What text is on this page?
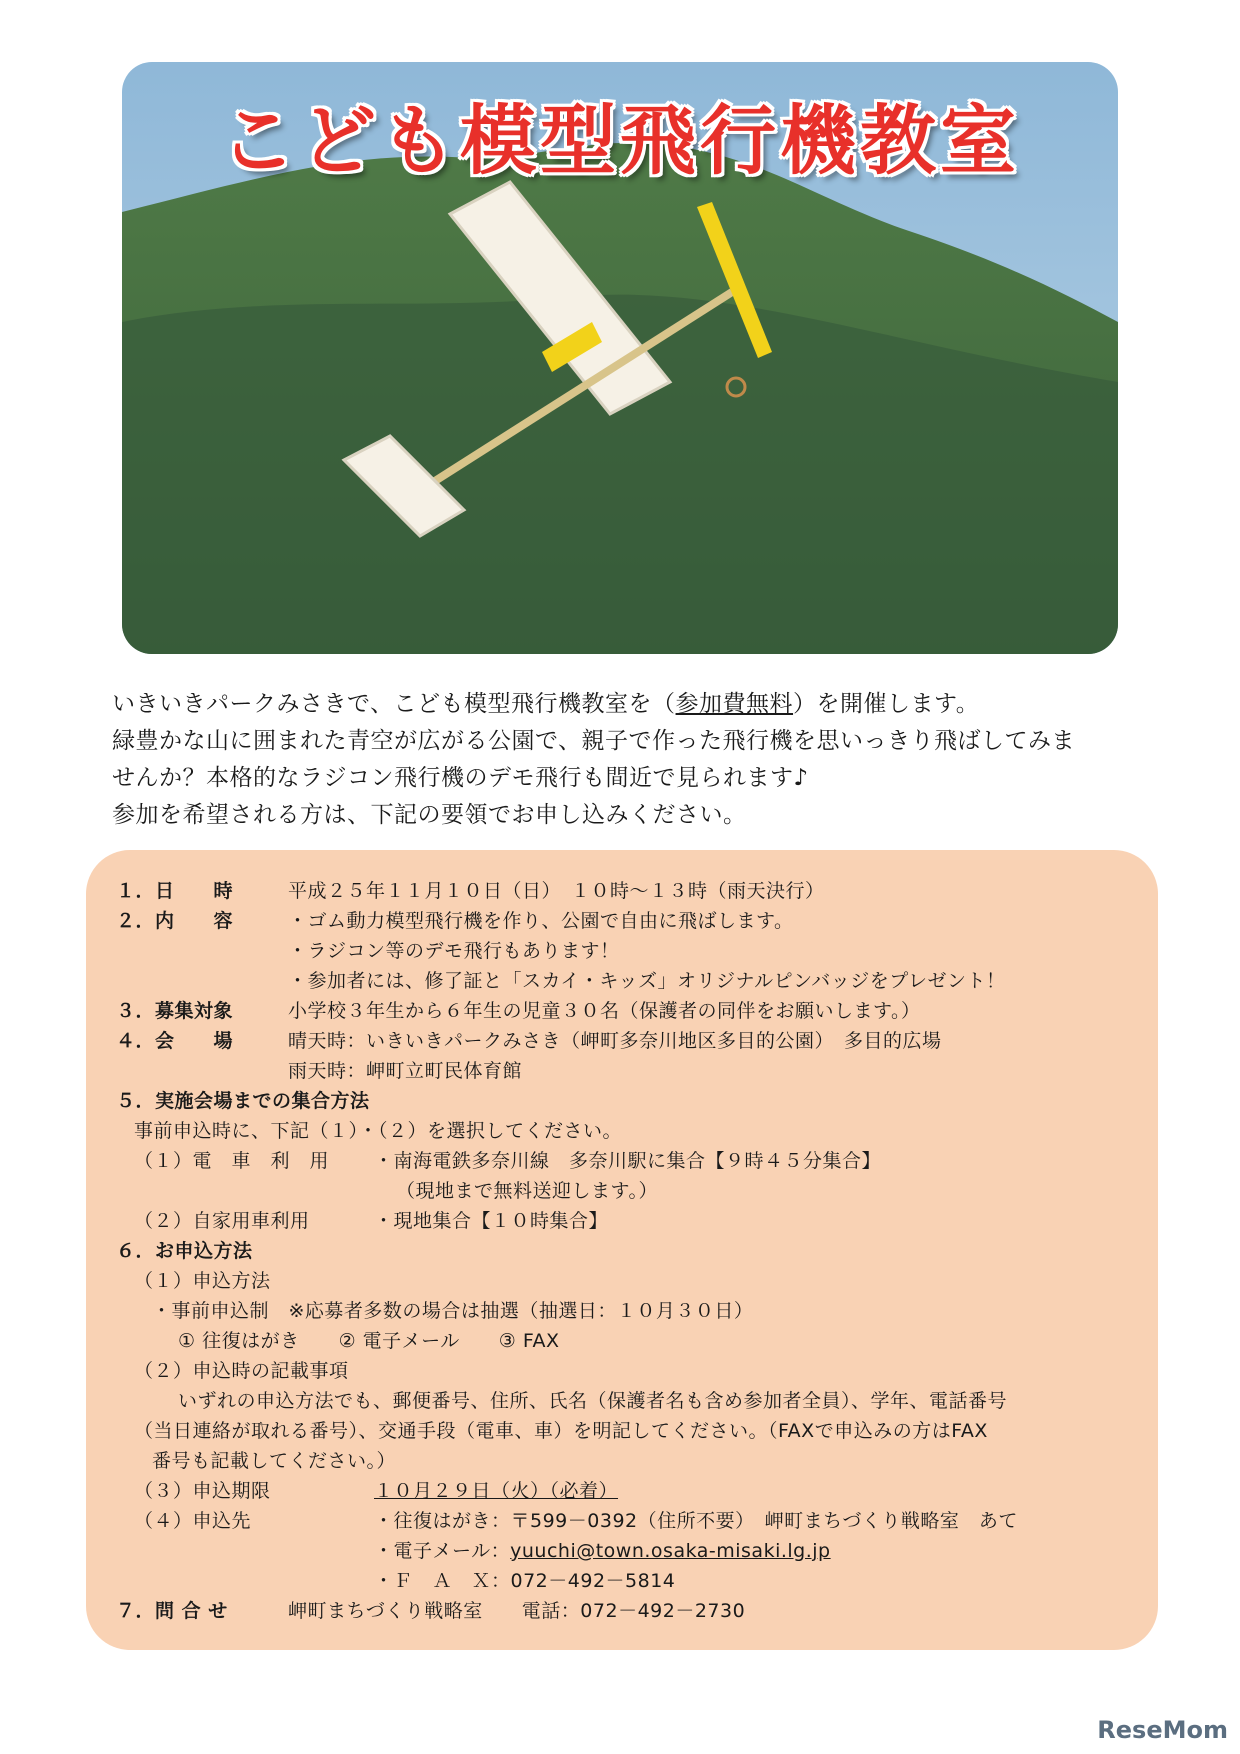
こども模型飛行機教室

いきいきパークみさきで、こども模型飛行機教室を（参加費無料）を開催します。

緑豊かな山に囲まれた青空が広がる公園で、親子で作った飛行機を思いっきり飛ばしてみま

せんか？本格的なラジコン飛行機のデモ飛行も間近で見られます♪

参加を希望される方は、下記の要領でお申し込みください。

１．日　　時	平成２５年１１月１０日（日）　１０時～１３時（雨天決行）
２．内　　容	・ゴム動力模型飛行機を作り、公園で自由に飛ばします。
・ラジコン等のデモ飛行もあります！
・参加者には、修了証と「スカイ・キッズ」オリジナルピンバッジをプレゼント！
３．募集対象	小学校３年生から６年生の児童３０名（保護者の同伴をお願いします。）
４．会　　場	晴天時：いきいきパークみさき（岬町多奈川地区多目的公園）　多目的広場
雨天時：岬町立町民体育館
５．実施会場までの集合方法
事前申込時に、下記（１）・（２）を選択してください。
（１）電　車　利　用 ・南海電鉄多奈川線　多奈川駅に集合【９時４５分集合】
（現地まで無料送迎します。）
（２）自家用車利用	・現地集合【１０時集合】
６．お申込方法
（１）申込方法
・事前申込制　※応募者多数の場合は抽選（抽選日：１０月３０日）
① 往復はがき　　② 電子メール　　③ FAX
（２）申込時の記載事項
いずれの申込方法でも、郵便番号、住所、氏名（保護者名も含め参加者全員）、学年、電話番号
（当日連絡が取れる番号）、交通手段（電車、車）を明記してください。（FAXで申込みの方はFAX
番号も記載してください。）
（３）申込期限	１０月２９日（火）（必着）
（４）申込先	・往復はがき：〒599－0392（住所不要）　岬町まちづくり戦略室　あて
・電子メール：yuuchi@town.osaka-misaki.lg.jp
・Ｆ　Ａ　Ｘ：072－492－5814
７．問 合 せ	岬町まちづくり戦略室　　電話：072－492－2730
ReseMom
